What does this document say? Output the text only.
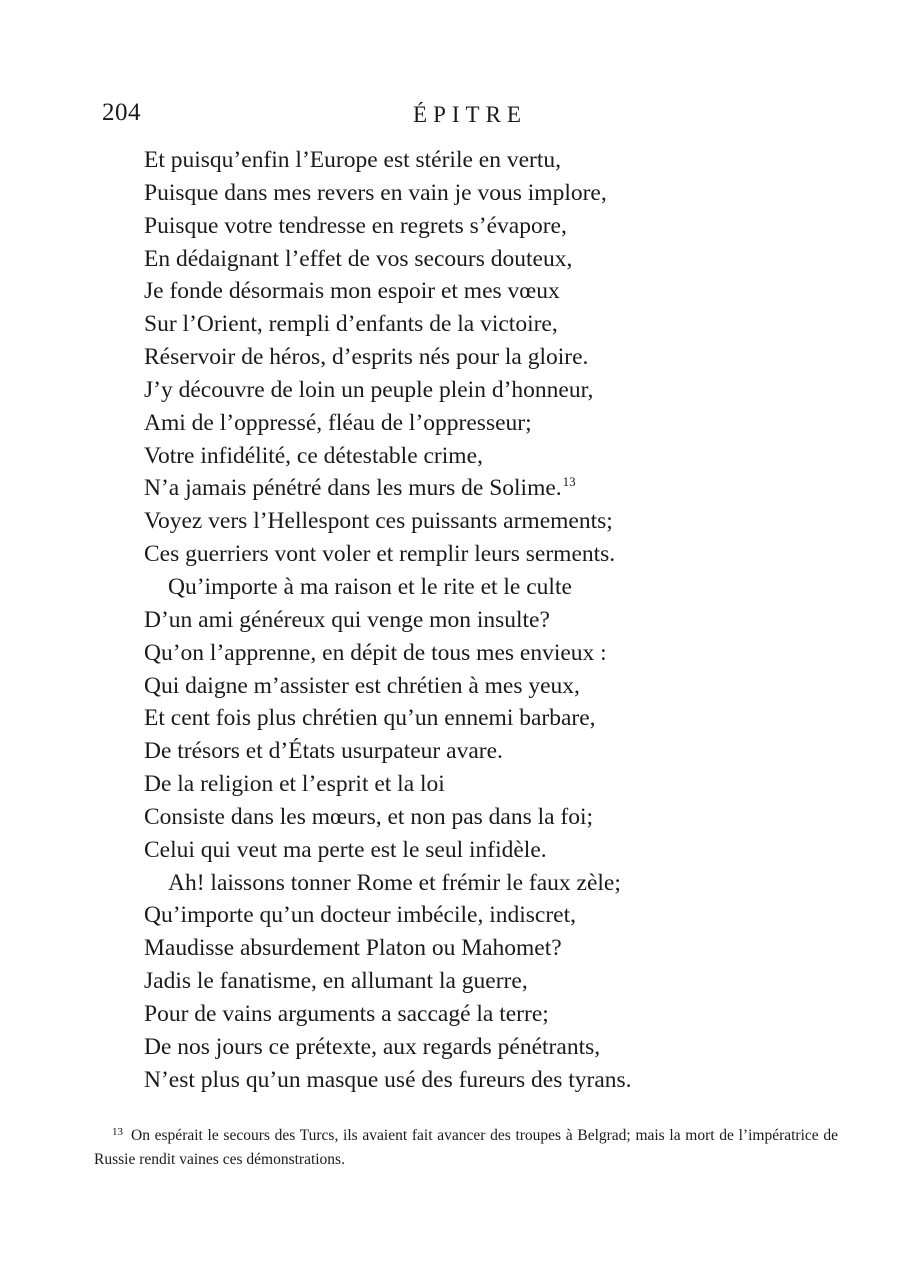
204	ÉPITRE
Et puisqu’enfin l’Europe est stérile en vertu,
Puisque dans mes revers en vain je vous implore,
Puisque votre tendresse en regrets s’évapore,
En dédaignant l’effet de vos secours douteux,
Je fonde désormais mon espoir et mes vœux
Sur l’Orient, rempli d’enfants de la victoire,
Réservoir de héros, d’esprits nés pour la gloire.
J’y découvre de loin un peuple plein d’honneur,
Ami de l’oppressé, fléau de l’oppresseur;
Votre infidélité, ce détestable crime,
N’a jamais pénétré dans les murs de Solime.$^{13}$
Voyez vers l’Hellespont ces puissants armements;
Ces guerriers vont voler et remplir leurs serments.
Qu’importe à ma raison et le rite et le culte
D’un ami généreux qui venge mon insulte?
Qu’on l’apprenne, en dépit de tous mes envieux :
Qui daigne m’assister est chrétien à mes yeux,
Et cent fois plus chrétien qu’un ennemi barbare,
De trésors et d’États usurpateur avare.
De la religion et l’esprit et la loi
Consiste dans les mœurs, et non pas dans la foi;
Celui qui veut ma perte est le seul infidèle.
Ah! laissons tonner Rome et frémir le faux zèle;
Qu’importe qu’un docteur imbécile, indiscret,
Maudisse absurdement Platon ou Mahomet?
Jadis le fanatisme, en allumant la guerre,
Pour de vains arguments a saccagé la terre;
De nos jours ce prétexte, aux regards pénétrants,
N’est plus qu’un masque usé des fureurs des tyrans.
$^{13}$ On espérait le secours des Turcs, ils avaient fait avancer des troupes à Belgrad; mais la mort de l’impératrice de Russie rendit vaines ces démonstrations.
